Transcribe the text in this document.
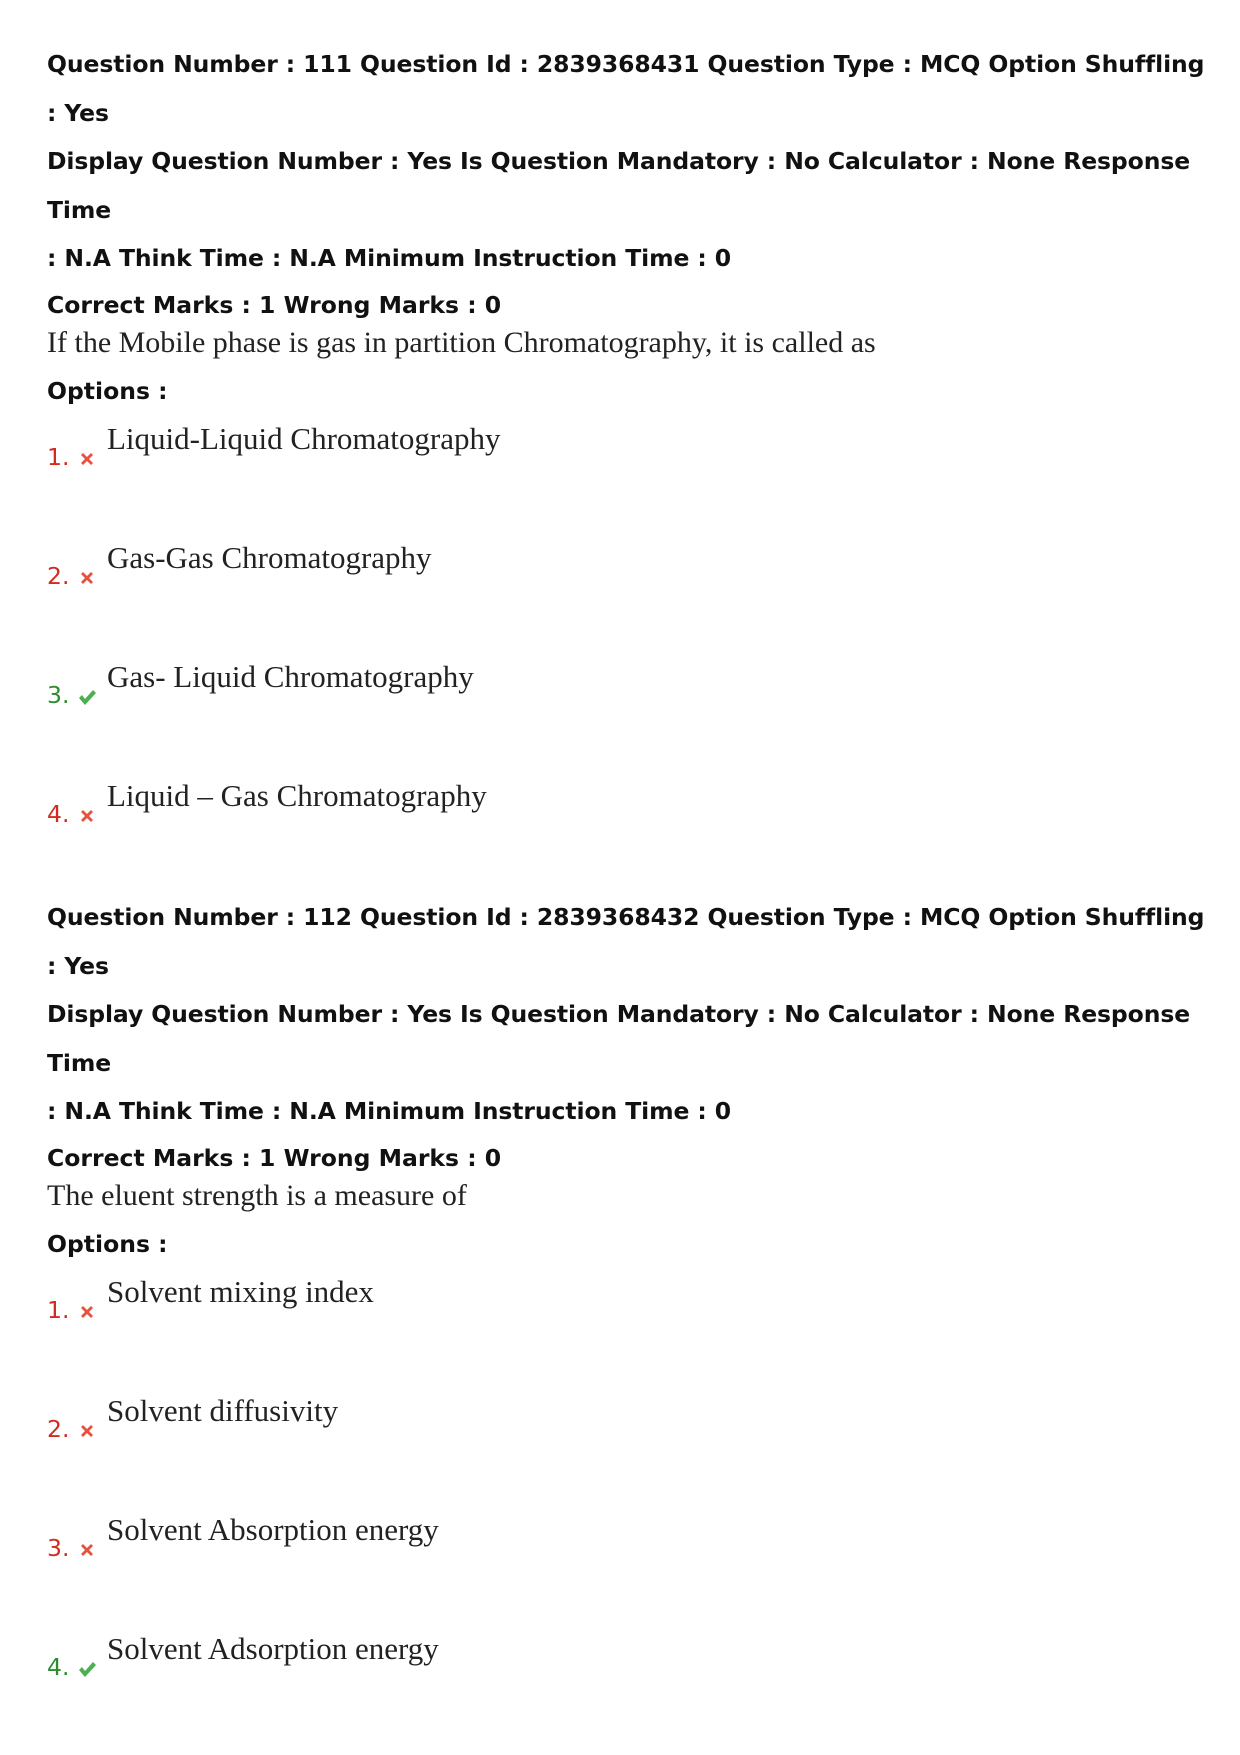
Question Number : 111 Question Id : 2839368431 Question Type : MCQ Option Shuffling : Yes

Display Question Number : Yes Is Question Mandatory : No Calculator : None Response Time

: N.A Think Time : N.A Minimum Instruction Time : 0

Correct Marks : 1 Wrong Marks : 0
If the Mobile phase is gas in partition Chromatography, it is called as
Options :
1.
Liquid-Liquid Chromatography
2.
Gas-Gas Chromatography
3.
Gas- Liquid Chromatography
4.
Liquid – Gas Chromatography

Question Number : 112 Question Id : 2839368432 Question Type : MCQ Option Shuffling : Yes

Display Question Number : Yes Is Question Mandatory : No Calculator : None Response Time

: N.A Think Time : N.A Minimum Instruction Time : 0

Correct Marks : 1 Wrong Marks : 0
The eluent strength is a measure of
Options :
1.
Solvent mixing index
2.
Solvent diffusivity
3.
Solvent Absorption energy
4.
Solvent Adsorption energy
